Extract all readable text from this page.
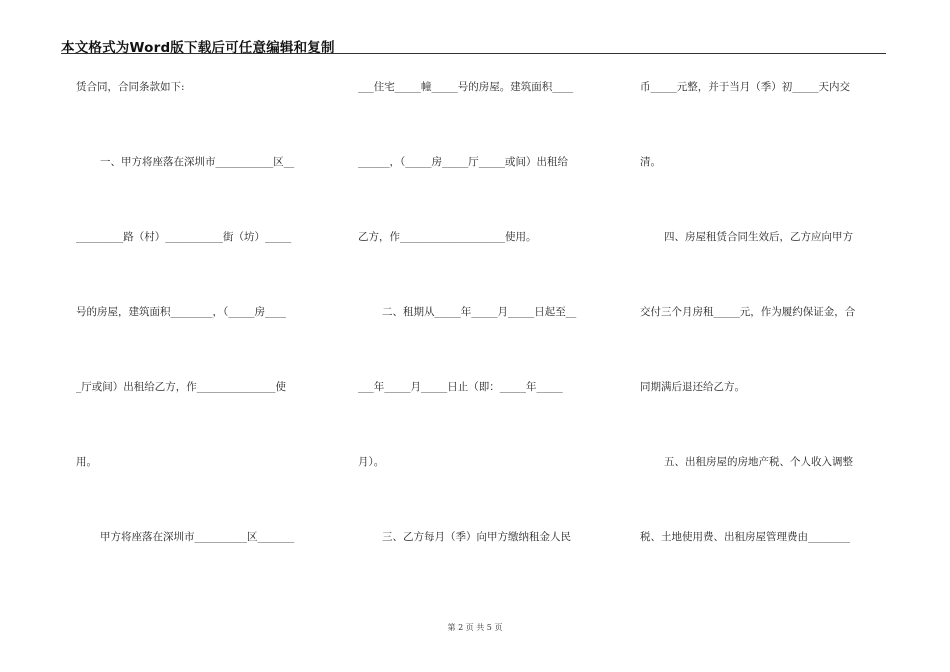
本文格式为Word版下载后可任意编辑和复制
赁合同，合同条款如下:
一、甲方将座落在深圳市___________区__
_________路（村）___________街（坊）_____
号的房屋，建筑面积________，（_____房____
_厅或间）出租给乙方，作_______________使
用。
甲方将座落在深圳市__________区_______
___住宅_____幢_____号的房屋。建筑面积____
______，（_____房_____厅_____或间）出租给
乙方，作____________________使用。
二、租期从_____年_____月_____日起至__
___年_____月_____日止（即：_____年_____
月）。
三、乙方每月（季）向甲方缴纳租金人民
币_____元整，并于当月（季）初_____天内交
清。
四、房屋租赁合同生效后，乙方应向甲方
交付三个月房租_____元，作为履约保证金，合
同期满后退还给乙方。
五、出租房屋的房地产税、个人收入调整
税、土地使用费、出租房屋管理费由________
第 2 页 共 5 页
